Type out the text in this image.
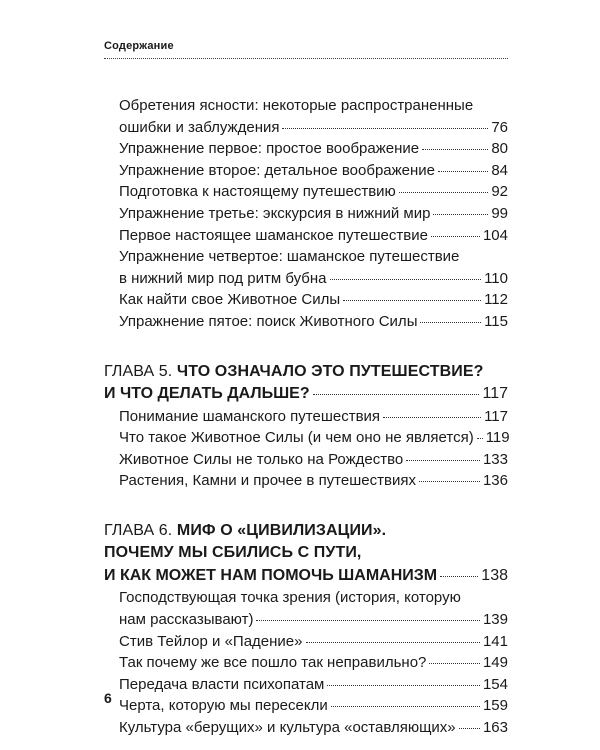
Содержание
Обретения ясности: некоторые распространенные
ошибки и заблуждения	76
Упражнение первое: простое воображение	80
Упражнение второе: детальное воображение	84
Подготовка к настоящему путешествию	92
Упражнение третье: экскурсия в нижний мир	99
Первое настоящее шаманское путешествие	104
Упражнение четвертое: шаманское путешествие
в нижний мир под ритм бубна	110
Как найти свое Животное Силы	112
Упражнение пятое: поиск Животного Силы	115
ГЛАВА 5. ЧТО ОЗНАЧАЛО ЭТО ПУТЕШЕСТВИЕ?
И ЧТО ДЕЛАТЬ ДАЛЬШЕ?	117
Понимание шаманского путешествия	117
Что такое Животное Силы (и чем оно не является) 119
Животное Силы не только на Рождество	133
Растения, Камни и прочее в путешествиях	136
ГЛАВА 6. МИФ О «ЦИВИЛИЗАЦИИ».
ПОЧЕМУ МЫ СБИЛИСЬ С ПУТИ,
И КАК МОЖЕТ НАМ ПОМОЧЬ ШАМАНИЗМ	138
Господствующая точка зрения (история, которую
нам рассказывают)	139
Стив Тейлор и «Падение»	141
Так почему же все пошло так неправильно?	149
Передача власти психопатам	154
Черта, которую мы пересекли	159
Культура «берущих» и культура «оставляющих» 163
6
